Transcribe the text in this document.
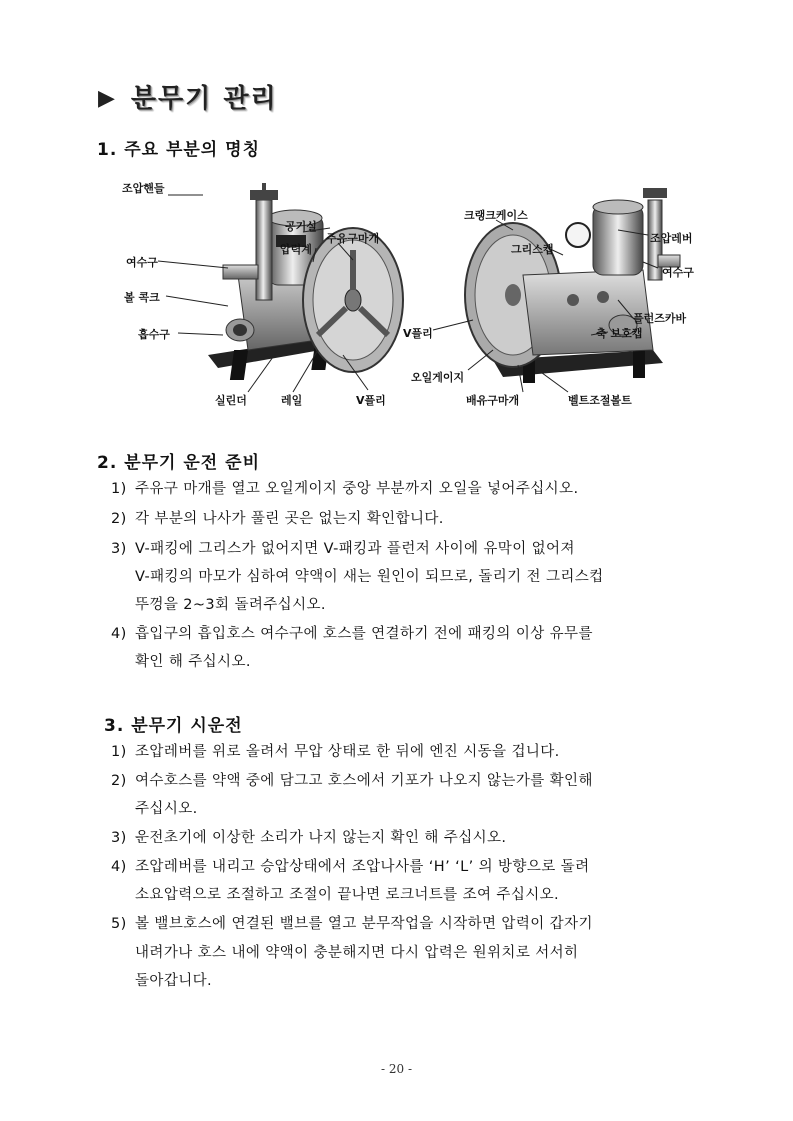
▶ 분무기 관리
1. 주요 부분의 명칭
조압핸들
공기실
주유구마개
압력계
여수구
볼 콕크
흡수구
실린더	레일	V플리
크랭크케이스
조압레버
그리스캡
여수구
플런즈카바
V플리	축 보호캡
오일게이지
배유구마개	벨트조절볼트
2. 분무기 운전 준비
1) 주유구 마개를 열고 오일게이지 중앙 부분까지 오일을 넣어주십시오.
2) 각 부분의 나사가 풀린 곳은 없는지 확인합니다.
3) V-패킹에 그리스가 없어지면 V-패킹과 플런저 사이에 유막이 없어져
V-패킹의 마모가 심하여 약액이 새는 원인이 되므로, 돌리기 전 그리스컵
뚜껑을 2~3회 돌려주십시오.
4) 흡입구의 흡입호스 여수구에 호스를 연결하기 전에 패킹의 이상 유무를
확인 해 주십시오.
3. 분무기 시운전
1) 조압레버를 위로 올려서 무압 상태로 한 뒤에 엔진 시동을 겁니다.
2) 여수호스를 약액 중에 담그고 호스에서 기포가 나오지 않는가를 확인해
주십시오.
3) 운전초기에 이상한 소리가 나지 않는지 확인 해 주십시오.
4) 조압레버를 내리고 승압상태에서 조압나사를 ‘H’ ‘L’ 의 방향으로 돌려
소요압력으로 조절하고 조절이 끝나면 로크너트를 조여 주십시오.
5) 볼 밸브호스에 연결된 밸브를 열고 분무작업을 시작하면 압력이 갑자기
내려가나 호스 내에 약액이 충분해지면 다시 압력은 원위치로 서서히
돌아갑니다.
- 20 -
